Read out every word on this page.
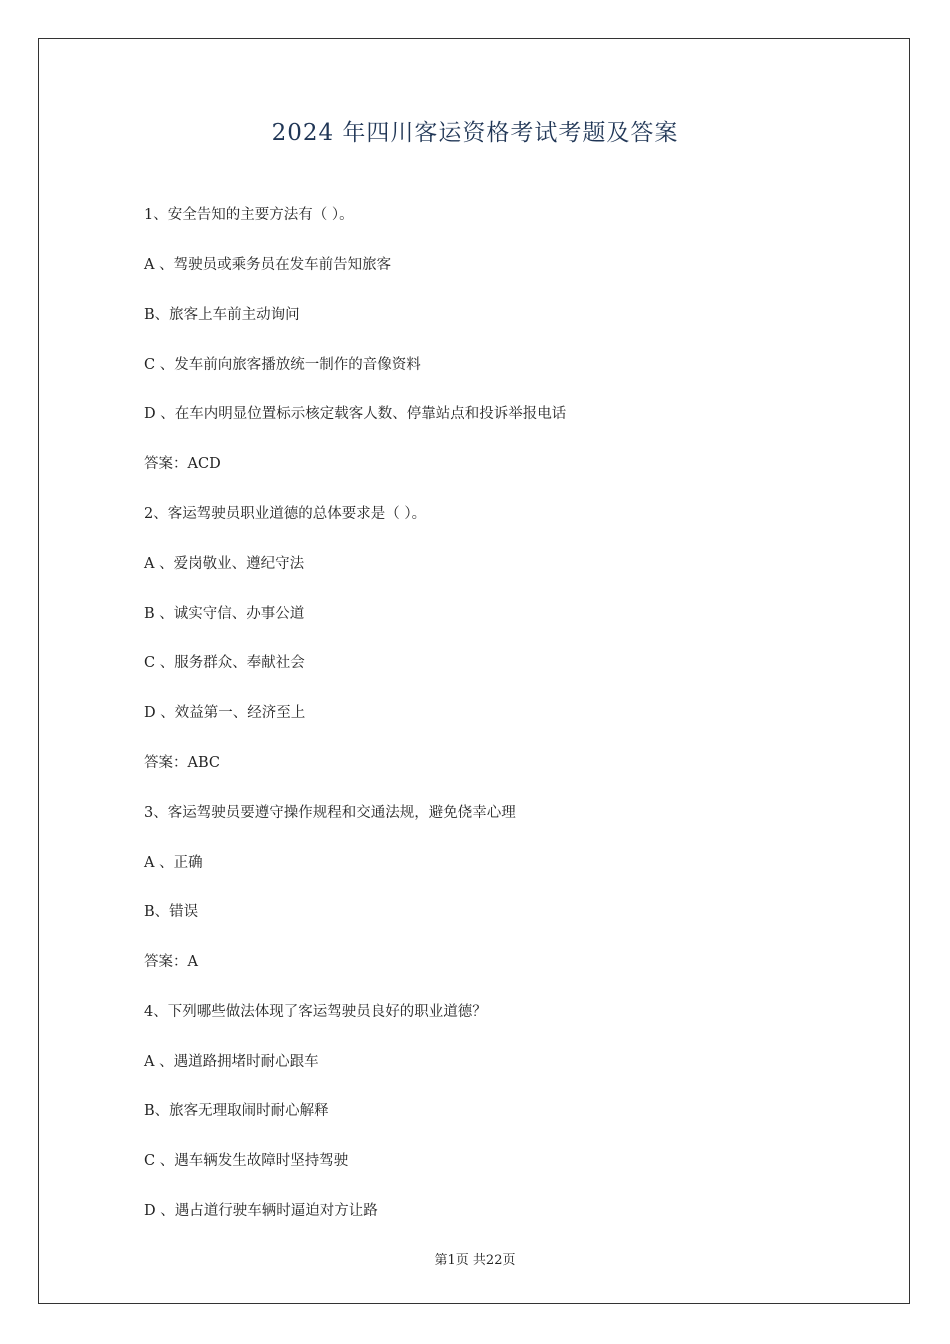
2024 年四川客运资格考试考题及答案
1、安全告知的主要方法有（ ）。
A 、驾驶员或乘务员在发车前告知旅客
B、旅客上车前主动询问
C 、发车前向旅客播放统一制作的音像资料
D 、在车内明显位置标示核定载客人数、停靠站点和投诉举报电话
答案：ACD
2、客运驾驶员职业道德的总体要求是（ ）。
A 、爱岗敬业、遵纪守法
B 、诚实守信、办事公道
C 、服务群众、奉献社会
D 、效益第一、经济至上
答案：ABC
3、客运驾驶员要遵守操作规程和交通法规，避免侥幸心理
A 、正确
B、错误
答案：A
4、下列哪些做法体现了客运驾驶员良好的职业道德？
A 、遇道路拥堵时耐心跟车
B、旅客无理取闹时耐心解释
C 、遇车辆发生故障时坚持驾驶
D 、遇占道行驶车辆时逼迫对方让路
第1页 共22页
